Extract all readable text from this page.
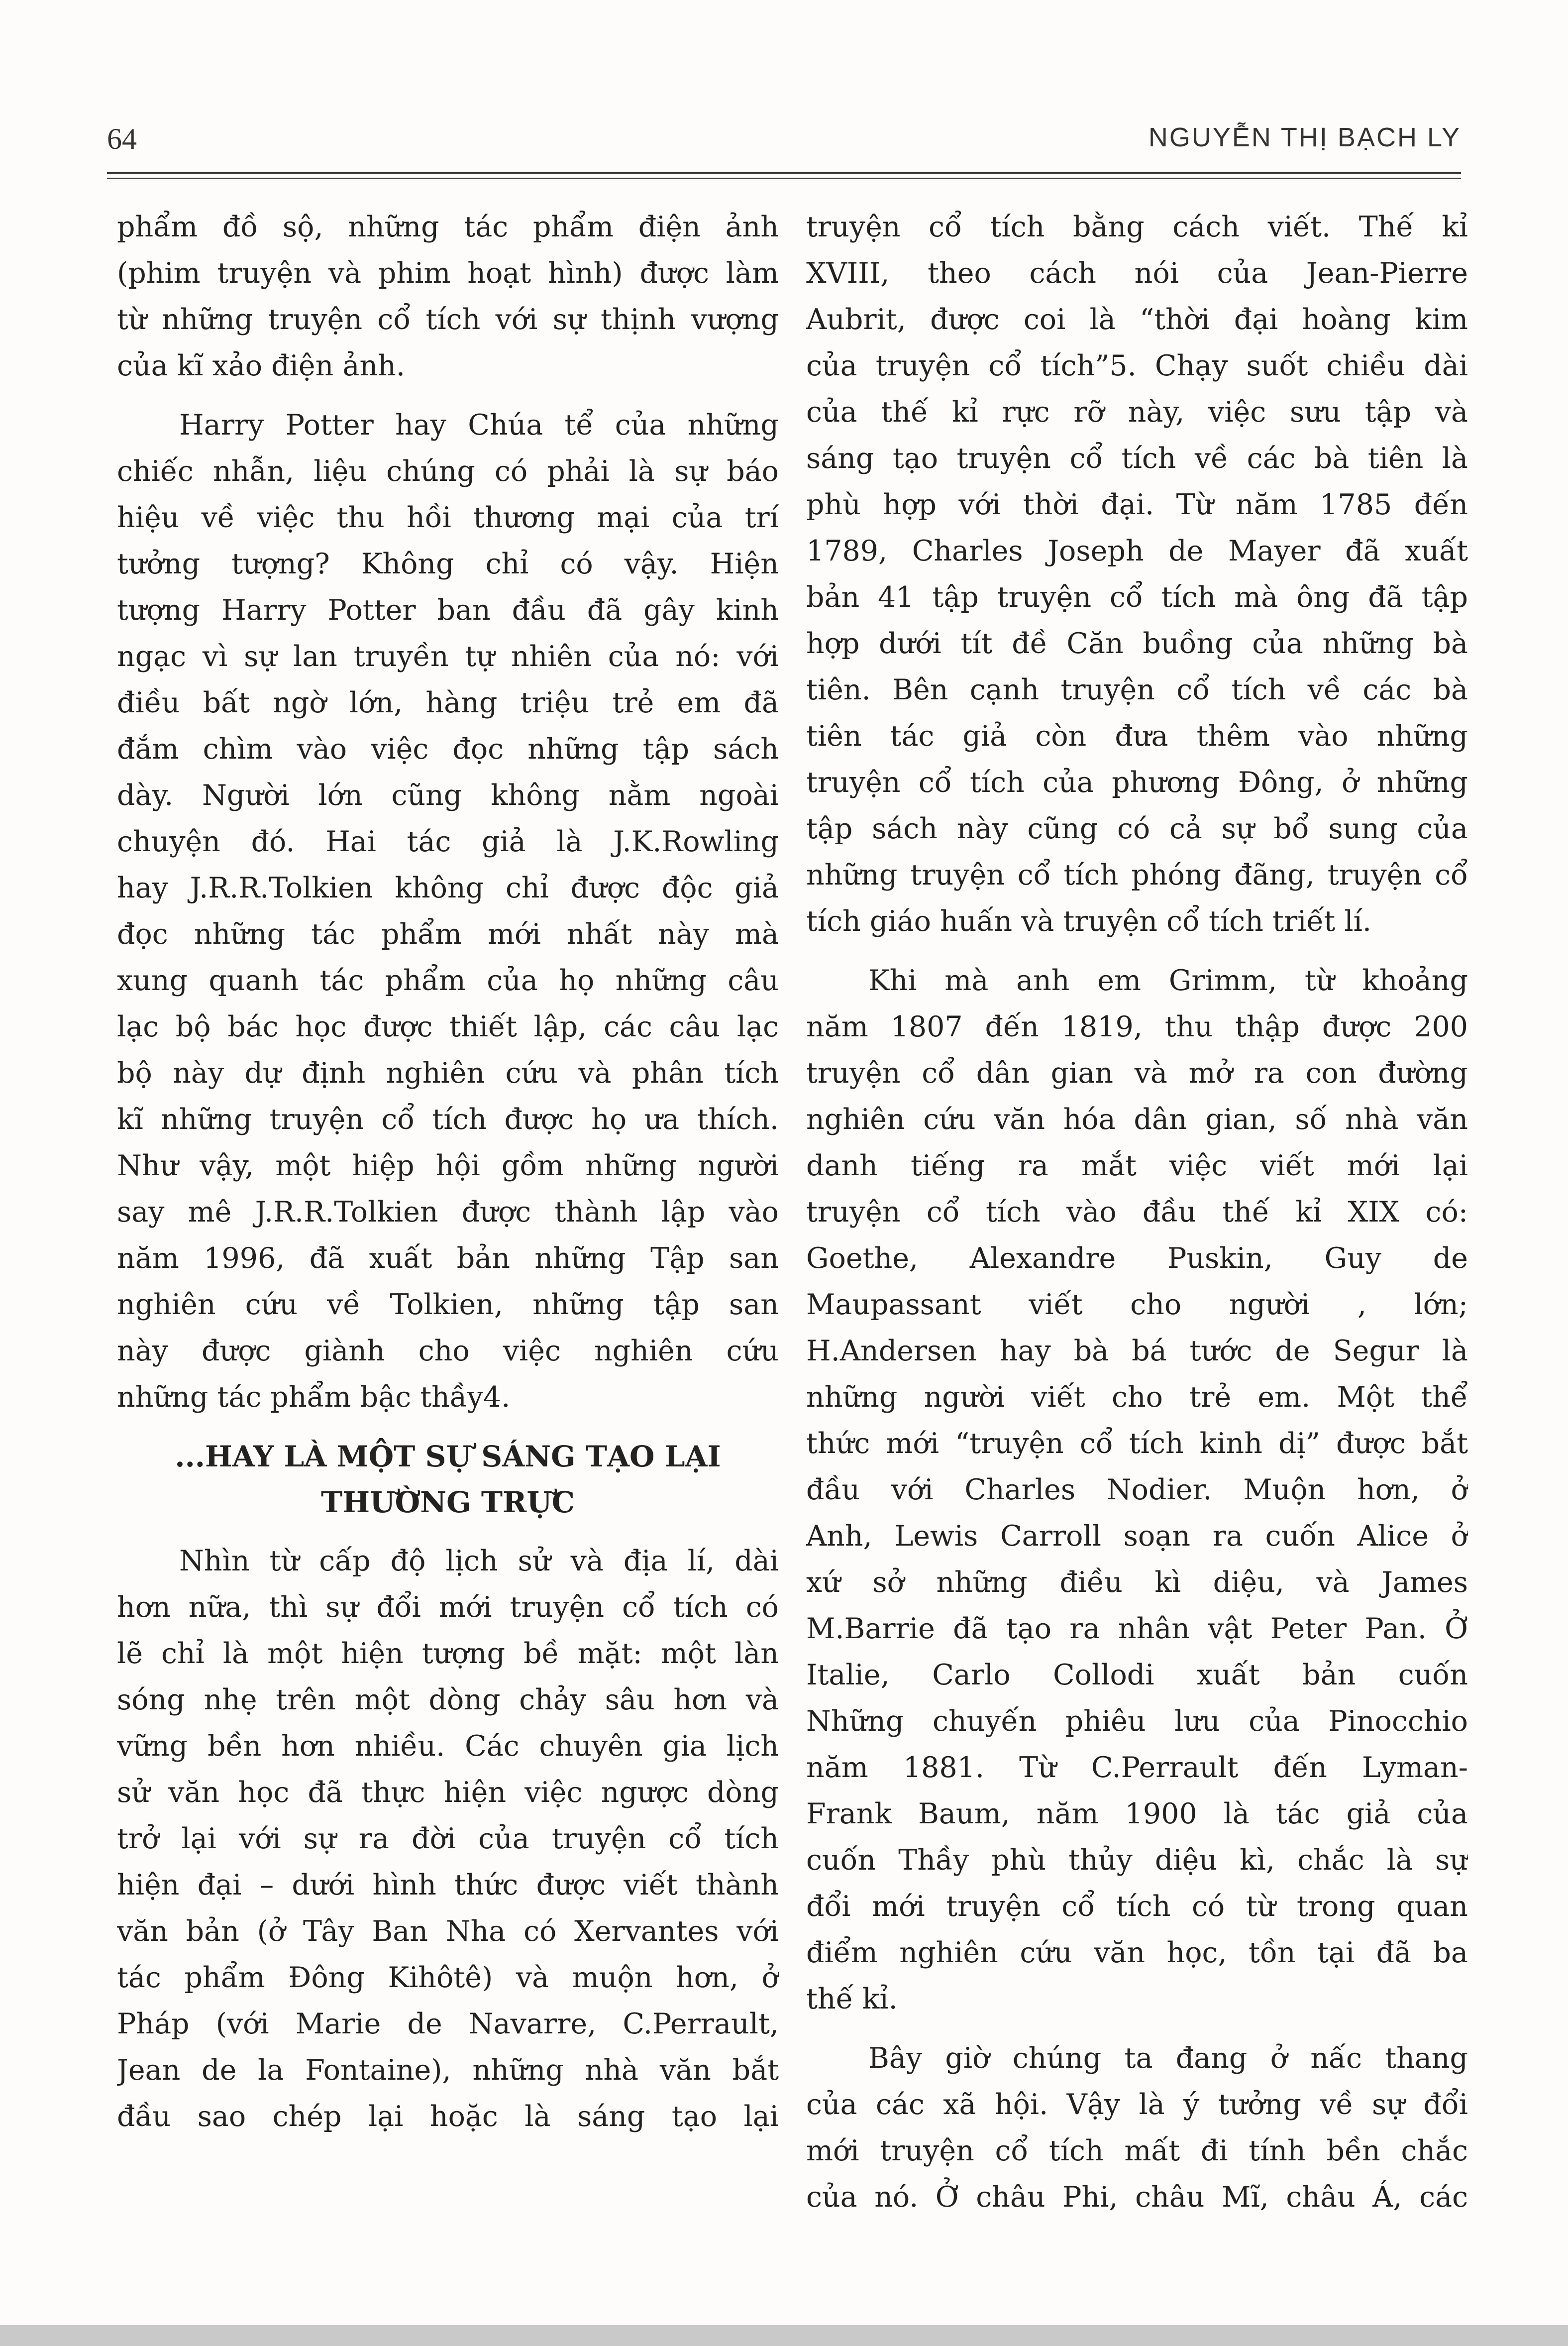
64	NGUYỄN THỊ BẠCH LY
phẩm đồ sộ, những tác phẩm điện ảnh
(phim truyện và phim hoạt hình) được làm
từ những truyện cổ tích với sự thịnh vượng
của kĩ xảo điện ảnh.
Harry Potter hay Chúa tể của những
chiếc nhẫn, liệu chúng có phải là sự báo
hiệu về việc thu hồi thương mại của trí
tưởng tượng? Không chỉ có vậy. Hiện
tượng Harry Potter ban đầu đã gây kinh
ngạc vì sự lan truyền tự nhiên của nó: với
điều bất ngờ lớn, hàng triệu trẻ em đã
đắm chìm vào việc đọc những tập sách
dày. Người lớn cũng không nằm ngoài
chuyện đó. Hai tác giả là J.K.Rowling
hay J.R.R.Tolkien không chỉ được độc giả
đọc những tác phẩm mới nhất này mà
xung quanh tác phẩm của họ những câu
lạc bộ bác học được thiết lập, các câu lạc
bộ này dự định nghiên cứu và phân tích
kĩ những truyện cổ tích được họ ưa thích.
Như vậy, một hiệp hội gồm những người
say mê J.R.R.Tolkien được thành lập vào
năm 1996, đã xuất bản những Tập san
nghiên cứu về Tolkien, những tập san
này được giành cho việc nghiên cứu
những tác phẩm bậc thầy4.
...HAY LÀ MỘT SỰ SÁNG TẠO LẠI
THƯỜNG TRỰC
Nhìn từ cấp độ lịch sử và địa lí, dài
hơn nữa, thì sự đổi mới truyện cổ tích có
lẽ chỉ là một hiện tượng bề mặt: một làn
sóng nhẹ trên một dòng chảy sâu hơn và
vững bền hơn nhiều. Các chuyên gia lịch
sử văn học đã thực hiện việc ngược dòng
trở lại với sự ra đời của truyện cổ tích
hiện đại – dưới hình thức được viết thành
văn bản (ở Tây Ban Nha có Xervantes với
tác phẩm Đông Kihôtê) và muộn hơn, ở
Pháp (với Marie de Navarre, C.Perrault,
Jean de la Fontaine), những nhà văn bắt
đầu sao chép lại hoặc là sáng tạo lại
truyện cổ tích bằng cách viết. Thế kỉ
XVIII, theo cách nói của Jean-Pierre
Aubrit, được coi là “thời đại hoàng kim
của truyện cổ tích”5. Chạy suốt chiều dài
của thế kỉ rực rỡ này, việc sưu tập và
sáng tạo truyện cổ tích về các bà tiên là
phù hợp với thời đại. Từ năm 1785 đến
1789, Charles Joseph de Mayer đã xuất
bản 41 tập truyện cổ tích mà ông đã tập
hợp dưới tít đề Căn buồng của những bà
tiên. Bên cạnh truyện cổ tích về các bà
tiên tác giả còn đưa thêm vào những
truyện cổ tích của phương Đông, ở những
tập sách này cũng có cả sự bổ sung của
những truyện cổ tích phóng đãng, truyện cổ
tích giáo huấn và truyện cổ tích triết lí.
Khi mà anh em Grimm, từ khoảng
năm 1807 đến 1819, thu thập được 200
truyện cổ dân gian và mở ra con đường
nghiên cứu văn hóa dân gian, số nhà văn
danh tiếng ra mắt việc viết mới lại
truyện cổ tích vào đầu thế kỉ XIX có:
Goethe, Alexandre Puskin, Guy de
Maupassant viết cho người , lớn;
H.Andersen hay bà bá tước de Segur là
những người viết cho trẻ em. Một thể
thức mới “truyện cổ tích kinh dị” được bắt
đầu với Charles Nodier. Muộn hơn, ở
Anh, Lewis Carroll soạn ra cuốn Alice ở
xứ sở những điều kì diệu, và James
M.Barrie đã tạo ra nhân vật Peter Pan. Ở
Italie, Carlo Collodi xuất bản cuốn
Những chuyến phiêu lưu của Pinocchio
năm 1881. Từ C.Perrault đến Lyman-
Frank Baum, năm 1900 là tác giả của
cuốn Thầy phù thủy diệu kì, chắc là sự
đổi mới truyện cổ tích có từ trong quan
điểm nghiên cứu văn học, tồn tại đã ba
thế kỉ.
Bây giờ chúng ta đang ở nấc thang
của các xã hội. Vậy là ý tưởng về sự đổi
mới truyện cổ tích mất đi tính bền chắc
của nó. Ở châu Phi, châu Mĩ, châu Á, các
